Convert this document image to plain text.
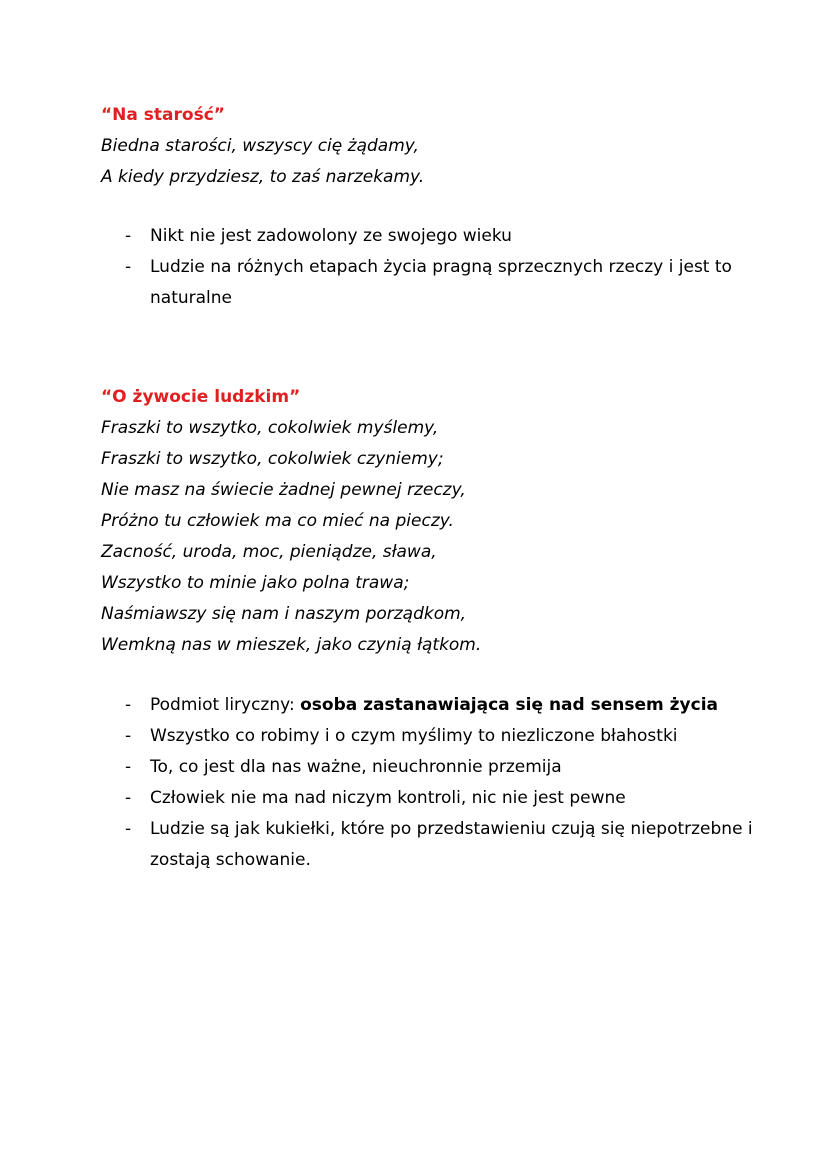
“Na starość”
Biedna starości, wszyscy cię żądamy,
A kiedy przydziesz, to zaś narzekamy.
- Nikt nie jest zadowolony ze swojego wieku
- Ludzie na różnych etapach życia pragną sprzecznych rzeczy i jest to naturalne
“O żywocie ludzkim”
Fraszki to wszytko, cokolwiek myślemy,
Fraszki to wszytko, cokolwiek czyniemy;
Nie masz na świecie żadnej pewnej rzeczy,
Próżno tu człowiek ma co mieć na pieczy.
Zacność, uroda, moc, pieniądze, sława,
Wszystko to minie jako polna trawa;
Naśmiawszy się nam i naszym porządkom,
Wemkną nas w mieszek, jako czynią łątkom.
- Podmiot liryczny: osoba zastanawiająca się nad sensem życia
- Wszystko co robimy i o czym myślimy to niezliczone błahostki
- To, co jest dla nas ważne, nieuchronnie przemija
- Człowiek nie ma nad niczym kontroli, nic nie jest pewne
- Ludzie są jak kukiełki, które po przedstawieniu czują się niepotrzebne i zostają schowanie.
